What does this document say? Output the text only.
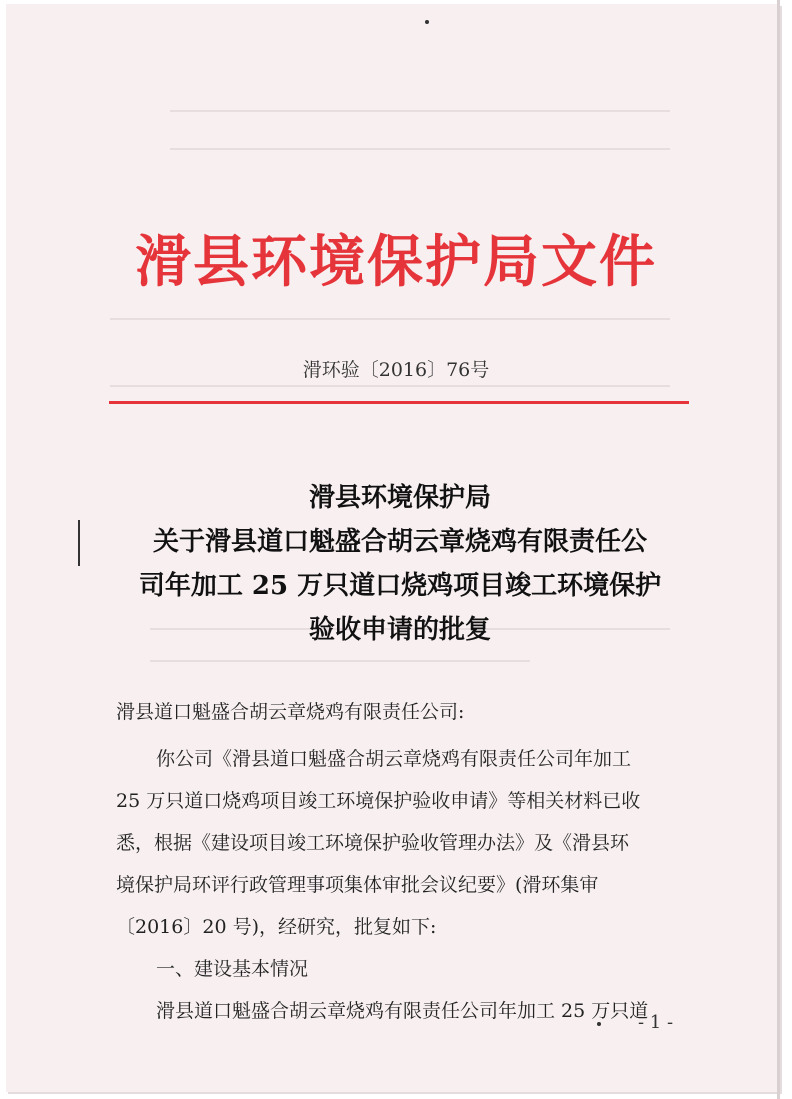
滑县环境保护局文件
滑环验〔2016〕76号
滑县环境保护局
关于滑县道口魁盛合胡云章烧鸡有限责任公
司年加工 25 万只道口烧鸡项目竣工环境保护
验收申请的批复
滑县道口魁盛合胡云章烧鸡有限责任公司:
你公司《滑县道口魁盛合胡云章烧鸡有限责任公司年加工
25 万只道口烧鸡项目竣工环境保护验收申请》等相关材料已收
悉，根据《建设项目竣工环境保护验收管理办法》及《滑县环
境保护局环评行政管理事项集体审批会议纪要》(滑环集审
〔2016〕20 号)，经研究，批复如下:
一、建设基本情况
滑县道口魁盛合胡云章烧鸡有限责任公司年加工 25 万只道
- 1 -
